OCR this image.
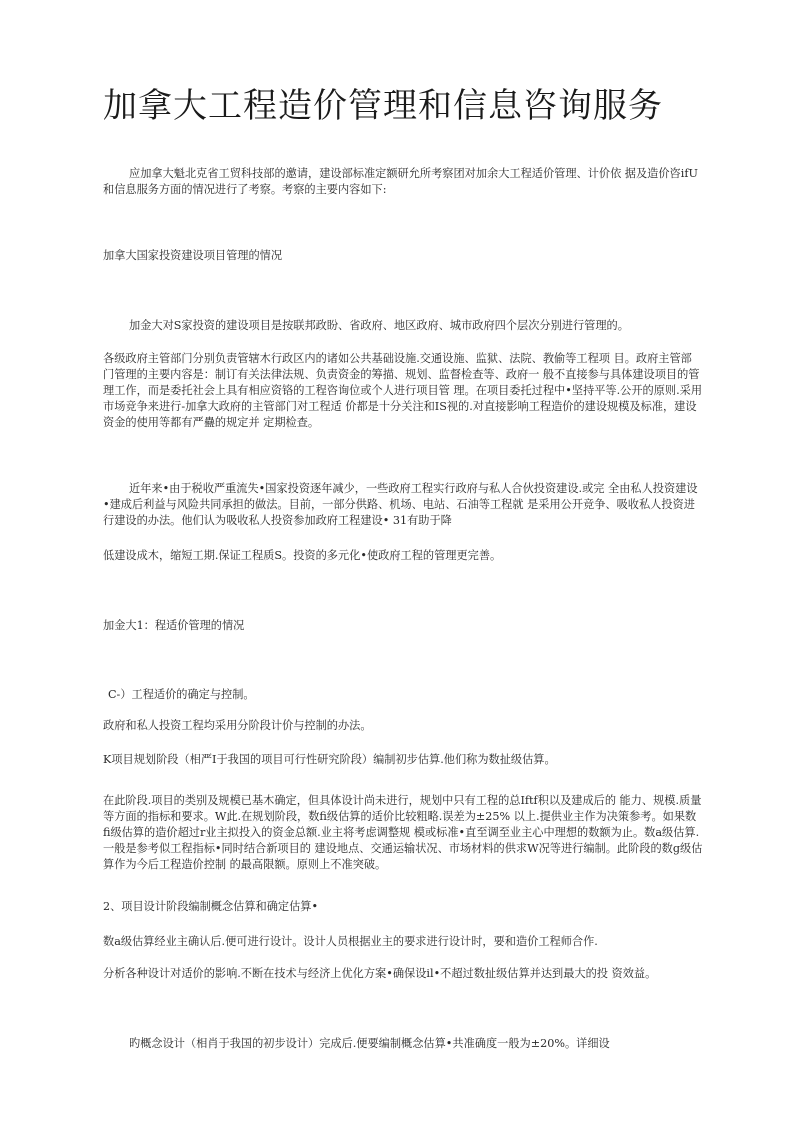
加拿大工程造价管理和信息咨询服务

应加拿大魁北克省工贸科技部的邀请，建设部标准定额研允所考察团对加余大工程适价管理、计价依 据及造价咨ifU和信息服务方面的情况进行了考察。考察的主要内容如下:

加拿大国家投资建设项目管理的情况

加金大对S家投资的建设项目是按联邦政盼、省政府、地区政府、城市政府四个层次分别进行管理的。

各级政府主管部门分别负责管辖木行政区内的诸如公共基础设施.交通设施、监狱、法院、教偷等工程项 目。政府主管部门管理的主要内容是：制订有关法律法规、负责资金的筹描、规划、监督检查等、政府一 般不直接参与具体建设项目的管理工作，而是委托社会上具有相应资铬的工程咨询位或个人进行项目管 理。在项目委托过程中•坚持平等.公开的原则.采用市场竞争来进行-加拿大政府的主管部门对工程适 价都是十分关注和IS视的.对直接影响工程造价的建设规模及标准，建设资金的使用等都有严蠱的规定并 定期检查。

近年来•由于税收严重流失•国家投资逐年减少，一些政府工程实行政府与私人合伙投资建设.或完 全由私人投资建设•建成后利益与风险共同承担的做法。目前，一部分供路、机场、电站、石油等工程就 是采用公开竞争、吸收私人投资进行建设的办法。他们认为吸收私人投资参加政府工程建设• 31有助于降

低建设成木，缩短工期.保证工程质S。投资的多元化•使政府工程的管理更完善。

加金大1：程适价管理的情况

C-）工程适价的确定与控制。

政府和私人投资工程均采用分阶段计价与控制的办法。

K项目规划阶段（相严I于我国的项目可行性研究阶段）编制初步估算.他们称为数扯级估算。

在此阶段.项目的类别及规模已基木确定，但具体设计尚未进行，规划中只有工程的总Iftf积以及建成后的 能力、规模.质量等方面的指标和要求。W此.在规划阶段，数fi级估算的适价比较粗略.误差为±25% 以上.提供业主作为决策参考。如果数fi级估算的造价超过r业主拟投入的资金总额.业主将考虑调整规 模或标准•直至调至业主心中理想的数额为止。数a级估算.一般是参考似工程指标•同时结合新项目的 建设地点、交通运输状况、市场材料的供求W况等进行编制。此阶段的数g级估算作为今后工程造价控制 的最高限额。原则上不准突破。

2、项目设计阶段编制概念估算和确定估算•

数a级估算经业主确认后.便可进行设计。设计人员根据业主的要求进行设计时，要和造价工程师合作.

分析各种设计对适价的影响.不断在技术与经济上优化方案•确保设il•不超过数扯级估算并达到最大的投 资效益。

旳概念设计（相肖于我国的初步设计）完成后.便要编制概念估算•共准确度一般为±20%。详细设
